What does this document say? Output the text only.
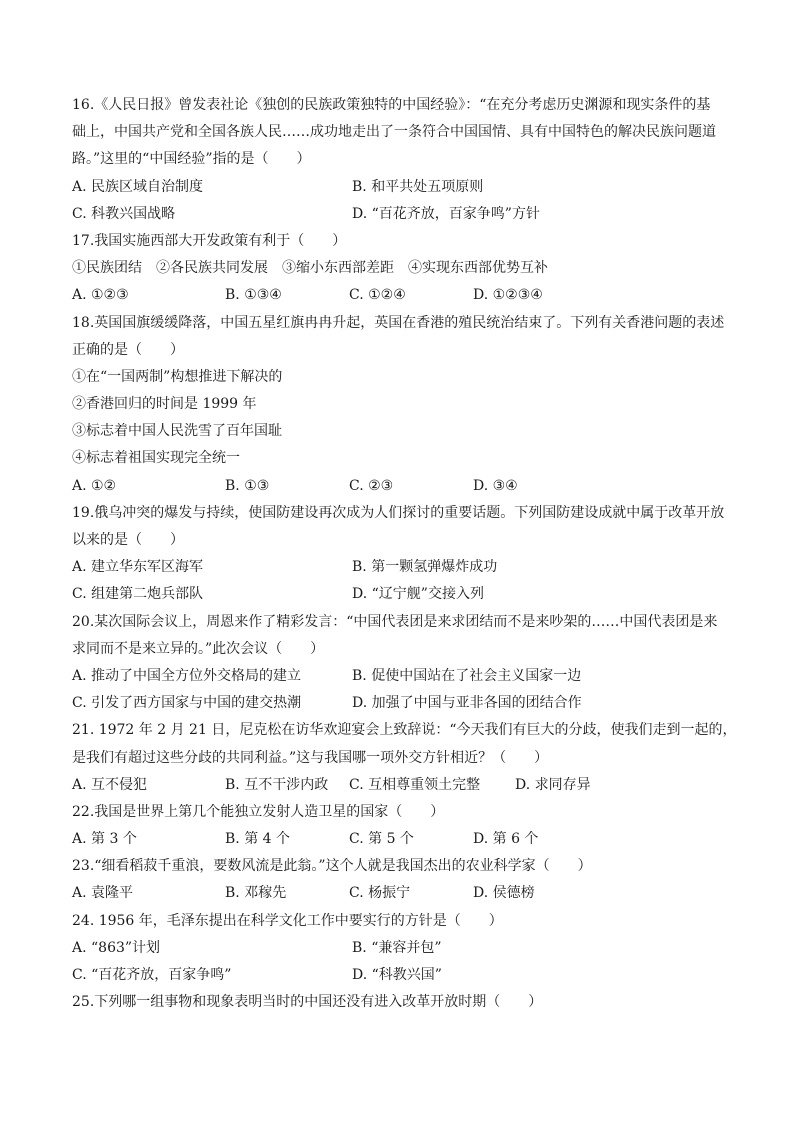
16.《人民日报》曾发表社论《独创的民族政策独特的中国经验》：“在充分考虑历史渊源和现实条件的基
础上，中国共产党和全国各族人民……成功地走出了一条符合中国国情、具有中国特色的解决民族问题道
路。”这里的“中国经验”指的是（　　）
A. 民族区域自治制度	B. 和平共处五项原则
C. 科教兴国战略	D. “百花齐放，百家争鸣”方针
17.我国实施西部大开发政策有利于（　　）
①民族团结　②各民族共同发展　③缩小东西部差距　④实现东西部优势互补
A. ①②③	B. ①③④	C. ①②④	D. ①②③④
18.英国国旗缓缓降落，中国五星红旗冉冉升起，英国在香港的殖民统治结束了。下列有关香港问题的表述
正确的是（　　）
①在“一国两制”构想推进下解决的
②香港回归的时间是 1999 年
③标志着中国人民洗雪了百年国耻
④标志着祖国实现完全统一
A. ①②	B. ①③	C. ②③	D. ③④
19.俄乌冲突的爆发与持续，使国防建设再次成为人们探讨的重要话题。下列国防建设成就中属于改革开放
以来的是（　　）
A. 建立华东军区海军	B. 第一颗氢弹爆炸成功
C. 组建第二炮兵部队	D. “辽宁舰”交接入列
20.某次国际会议上，周恩来作了精彩发言：“中国代表团是来求团结而不是来吵架的……中国代表团是来
求同而不是来立异的。”此次会议（　　）
A. 推动了中国全方位外交格局的建立	B. 促使中国站在了社会主义国家一边
C. 引发了西方国家与中国的建交热潮	D. 加强了中国与亚非各国的团结合作
21. 1972 年 2 月 21 日，尼克松在访华欢迎宴会上致辞说：“今天我们有巨大的分歧，使我们走到一起的，
是我们有超过这些分歧的共同利益。”这与我国哪一项外交方针相近？（　　）
A. 互不侵犯	B. 互不干涉内政	C. 互相尊重领土完整	D. 求同存异
22.我国是世界上第几个能独立发射人造卫星的国家（　　）
A. 第 3 个	B. 第 4 个	C. 第 5 个	D. 第 6 个
23.“细看稻菽千重浪，要数风流是此翁。”这个人就是我国杰出的农业科学家（　　）
A. 袁隆平	B. 邓稼先	C. 杨振宁	D. 侯德榜
24. 1956 年，毛泽东提出在科学文化工作中要实行的方针是（　　）
A. “863”计划	B. “兼容并包”
C. “百花齐放，百家争鸣”	D. “科教兴国”
25.下列哪一组事物和现象表明当时的中国还没有进入改革开放时期（　　）
